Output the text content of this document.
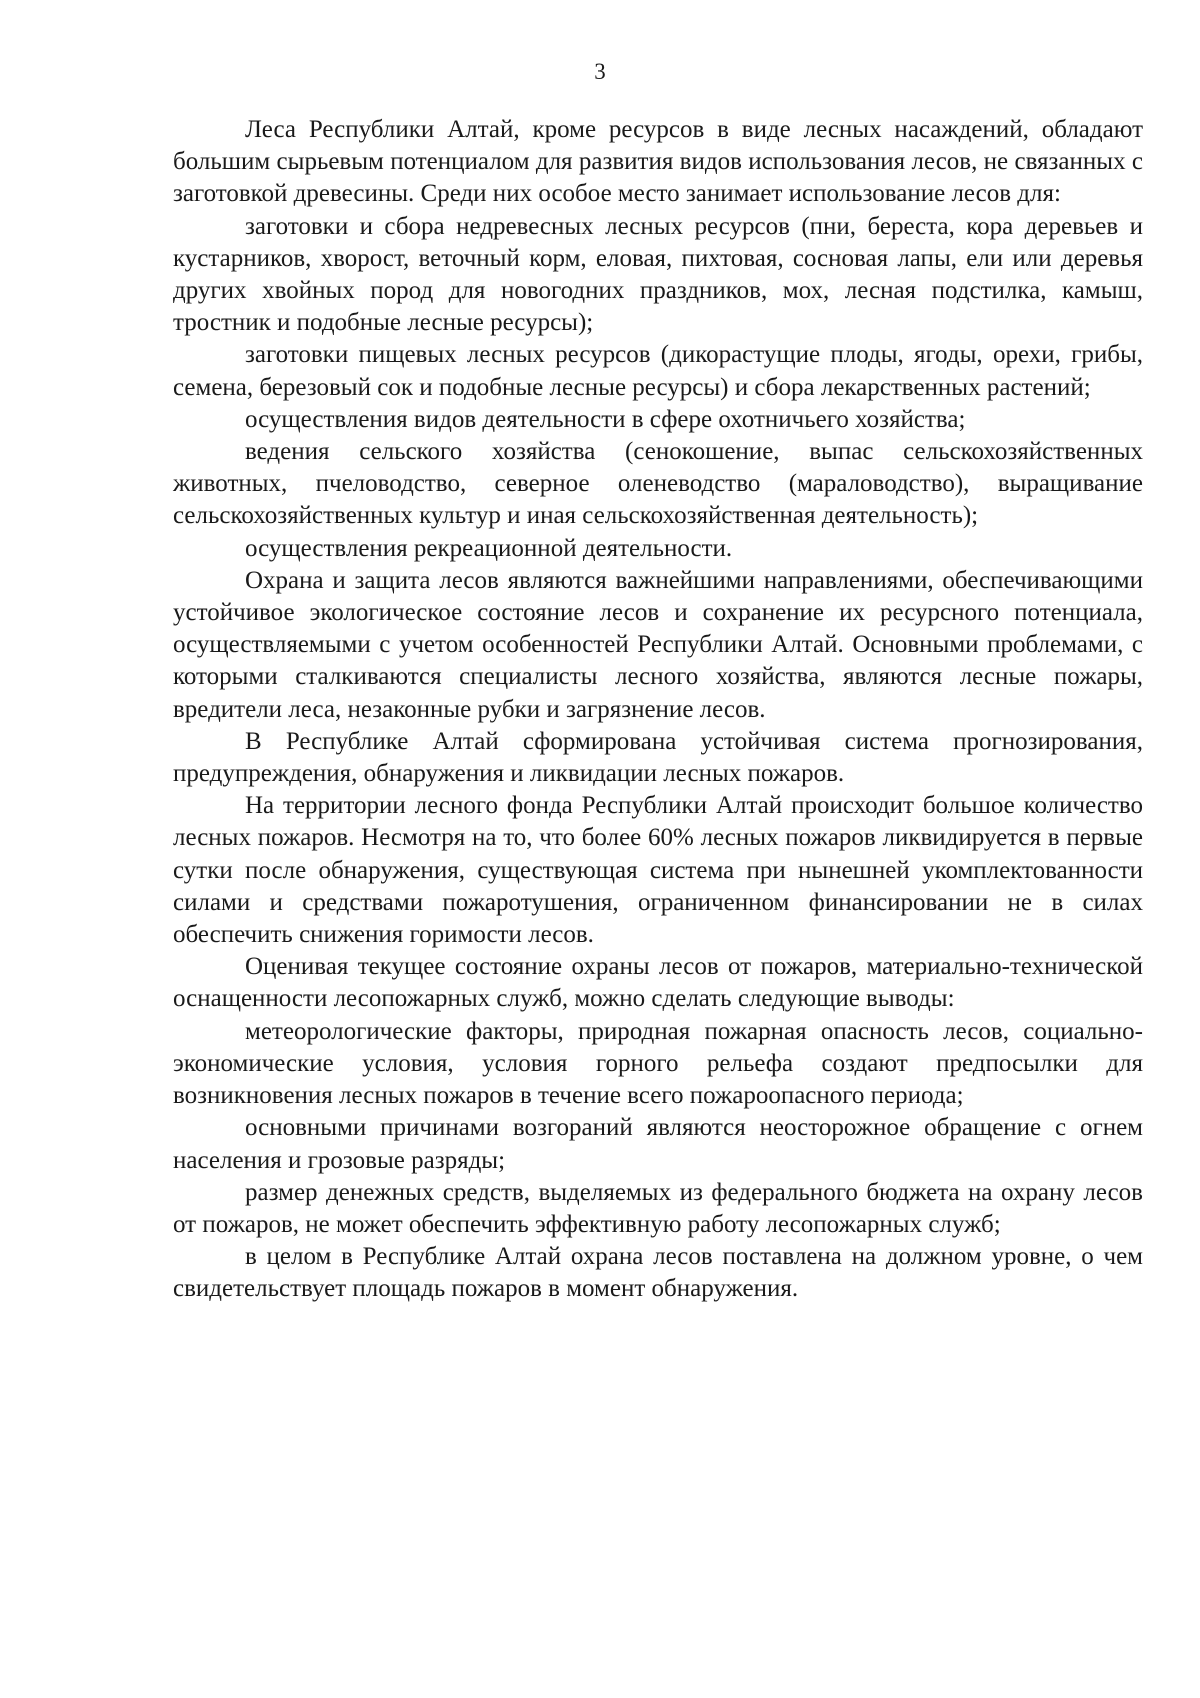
3

Леса Республики Алтай, кроме ресурсов в виде лесных насаждений, обладают большим сырьевым потенциалом для развития видов использования лесов, не связанных с заготовкой древесины. Среди них особое место занимает использование лесов для:

заготовки и сбора недревесных лесных ресурсов (пни, береста, кора деревьев и кустарников, хворост, веточный корм, еловая, пихтовая, сосновая лапы, ели или деревья других хвойных пород для новогодних праздников, мох, лесная подстилка, камыш, тростник и подобные лесные ресурсы);

заготовки пищевых лесных ресурсов (дикорастущие плоды, ягоды, орехи, грибы, семена, березовый сок и подобные лесные ресурсы) и сбора лекарственных растений;

осуществления видов деятельности в сфере охотничьего хозяйства;

ведения сельского хозяйства (сенокошение, выпас сельскохозяйственных животных, пчеловодство, северное оленеводство (мараловодство), выращивание сельскохозяйственных культур и иная сельскохозяйственная деятельность);

осуществления рекреационной деятельности.

Охрана и защита лесов являются важнейшими направлениями, обеспечивающими устойчивое экологическое состояние лесов и сохранение их ресурсного потенциала, осуществляемыми с учетом особенностей Республики Алтай. Основными проблемами, с которыми сталкиваются специалисты лесного хозяйства, являются лесные пожары, вредители леса, незаконные рубки и загрязнение лесов.

В Республике Алтай сформирована устойчивая система прогнозирования, предупреждения, обнаружения и ликвидации лесных пожаров.

На территории лесного фонда Республики Алтай происходит большое количество лесных пожаров. Несмотря на то, что более 60% лесных пожаров ликвидируется в первые сутки после обнаружения, существующая система при нынешней укомплектованности силами и средствами пожаротушения, ограниченном финансировании не в силах обеспечить снижения горимости лесов.

Оценивая текущее состояние охраны лесов от пожаров, материально-технической оснащенности лесопожарных служб, можно сделать следующие выводы:

метеорологические факторы, природная пожарная опасность лесов, социально-экономические условия, условия горного рельефа создают предпосылки для возникновения лесных пожаров в течение всего пожароопасного периода;

основными причинами возгораний являются неосторожное обращение с огнем населения и грозовые разряды;

размер денежных средств, выделяемых из федерального бюджета на охрану лесов от пожаров, не может обеспечить эффективную работу лесопожарных служб;

в целом в Республике Алтай охрана лесов поставлена на должном уровне, о чем свидетельствует площадь пожаров в момент обнаружения.
